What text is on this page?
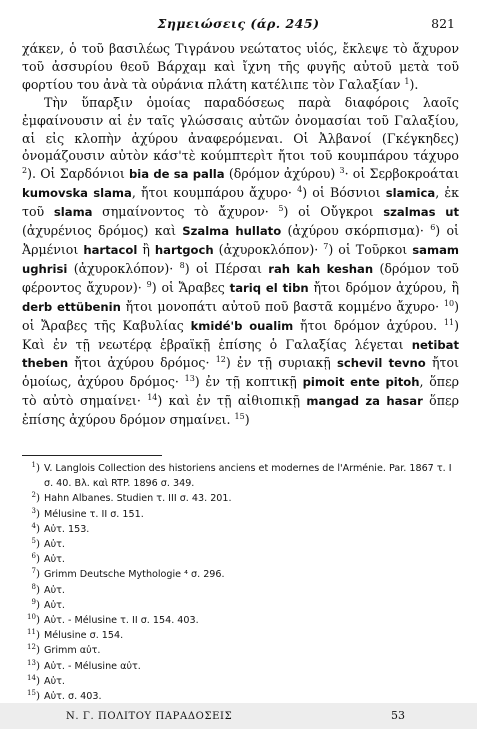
Σημειώσεις (άρ. 245)	821

χάκεν, ὁ τοῦ βασιλέως Τιγράνου νεώτατος υἱός, ἔκλεψε τὸ ἄχυρον τοῦ ἀσσυρίου θεοῦ Βάρχαμ καὶ ἴχνη τῆς φυγῆς αὐτοῦ μετὰ τοῦ φορτίου του ἀνὰ τὰ οὐράνια πλάτη κατέλιπε τὸν Γαλαξίαν $^1$).

Τὴν ὕπαρξιν ὁμοίας παραδόσεως παρὰ διαφόροις λαοῖς ἐμφαίνουσιν αἱ ἐν ταῖς γλώσσαις αὐτῶν ὀνομασίαι τοῦ Γαλαξίου, αἱ εἰς κλοπὴν ἀχύρου ἀναφερόμεναι. Οἱ Ἀλβανοί (Γκέγκηδες) ὀνομάζουσιν αὐτὸν κάσ'τὲ κούμπτερὶτ ἤτοι τοῦ κουμπάρου τάχυρο $^2$). Οἱ Σαρδόνιοι bia de sa palla (δρόμον ἀχύρου) $^3$· οἱ Σερβοκροάται kumovska slama, ἤτοι κουμπάρου ἄχυρο· $^4$) οἱ Βόσνιοι slamica, ἐκ τοῦ slama σημαίνοντος τὸ ἄχυρον· $^5$) οἱ Οὔγκροι szalmas ut (ἀχυρένιος δρόμος) καὶ Szalma hullato (ἀχύρου σκόρπισμα)· $^6$) οἱ Ἀρμένιοι hartacol ἢ hartgoch (ἀχυροκλόπον)· $^7$) οἱ Τοῦρκοι samam ughrisi (ἀχυροκλόπον)· $^8$) οἱ Πέρσαι rah kah keshan (δρόμον τοῦ φέροντος ἄχυρον)· $^9$) οἱ Ἄραβες tariq el tibn ἤτοι δρόμον ἀχύρου, ἢ derb ettübenin ἤτοι μονοπάτι αὐτοῦ ποῦ βαστᾶ κομμένο ἄχυρο· $^{10}$) οἱ Ἄραβες τῆς Καβυλίας kmidé'b oualim ἤτοι δρόμον ἀχύρου. $^{11}$) Καὶ ἐν τῇ νεωτέρᾳ ἑβραϊκῇ ἐπίσης ὁ Γαλαξίας λέγεται netibat theben ἤτοι ἀχύρου δρόμος· $^{12}$) ἐν τῇ συριακῇ schevil tevno ἤτοι ὁμοίως, ἀχύρου δρόμος· $^{13}$) ἐν τῇ κοπτικῇ pimoit ente pitoh, ὅπερ τὸ αὐτὸ σημαίνει· $^{14}$) καὶ ἐν τῇ αἰθιοπικῇ mangad za hasar ὅπερ ἐπίσης ἀχύρου δρόμον σημαίνει. $^{15}$)

$^1$) V. Langlois Collection des historiens anciens et modernes de l'Arménie. Par. 1867 τ. I σ. 40. Βλ. καὶ RTP. 1896 σ. 349.
$^2$) Hahn Albanes. Studien τ. III σ. 43. 201.
$^3$) Mélusine τ. II σ. 151.
$^4$) Αὐτ. 153.
$^5$) Αὐτ.
$^6$) Αὐτ.
$^7$) Grimm Deutsche Mythologie ⁴ σ. 296.
$^8$) Αὐτ.
$^9$) Αὐτ.
$^{10}$) Αὐτ. - Mélusine τ. II σ. 154. 403.
$^{11}$) Mélusine σ. 154.
$^{12}$) Grimm αὐτ.
$^{13}$) Αὐτ. - Mélusine αὐτ.
$^{14}$) Αὐτ.
$^{15}$) Αὐτ. σ. 403.
Ν. Γ. ΠΟΛΙΤΟΥ ΠΑΡΑΔΟΣΕΙΣ	53
